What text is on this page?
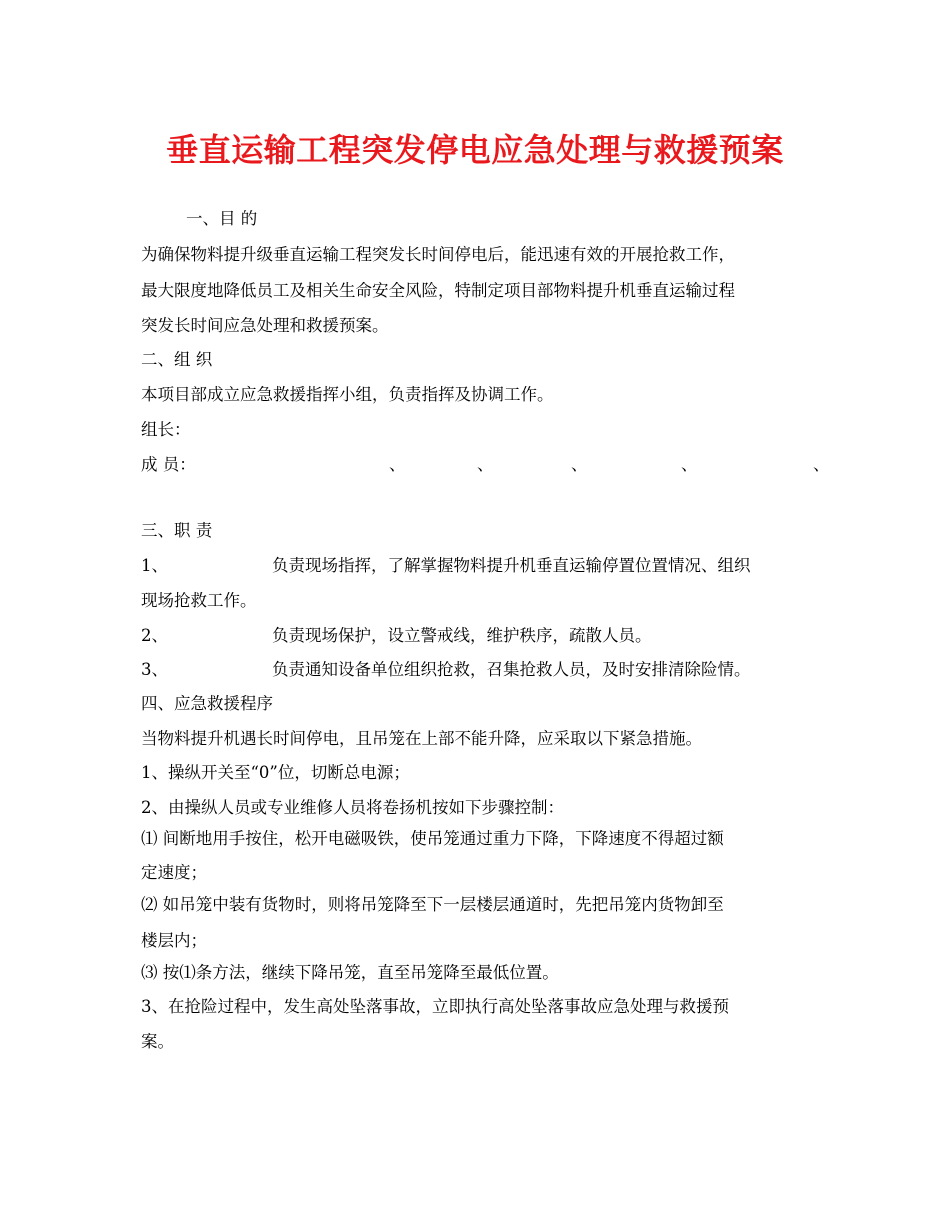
垂直运输工程突发停电应急处理与救援预案
一、目 的
为确保物料提升级垂直运输工程突发长时间停电后，能迅速有效的开展抢救工作，
最大限度地降低员工及相关生命安全风险，特制定项目部物料提升机垂直运输过程
突发长时间应急处理和救援预案。
二、组 织
本项目部成立应急救援指挥小组，负责指挥及协调工作。
组长：
成 员：	、	、	、	、	、
三、职 责
1、	负责现场指挥，了解掌握物料提升机垂直运输停置位置情况、组织
现场抢救工作。
2、	负责现场保护，设立警戒线，维护秩序，疏散人员。
3、	负责通知设备单位组织抢救，召集抢救人员，及时安排清除险情。
四、应急救援程序
当物料提升机遇长时间停电，且吊笼在上部不能升降，应采取以下紧急措施。
1、操纵开关至“0”位，切断总电源；
2、由操纵人员或专业维修人员将卷扬机按如下步骤控制：
⑴ 间断地用手按住，松开电磁吸铁，使吊笼通过重力下降，下降速度不得超过额
定速度；
⑵ 如吊笼中装有货物时，则将吊笼降至下一层楼层通道时，先把吊笼内货物卸至
楼层内；
⑶ 按⑴条方法，继续下降吊笼，直至吊笼降至最低位置。
3、在抢险过程中，发生高处坠落事故，立即执行高处坠落事故应急处理与救援预
案。
